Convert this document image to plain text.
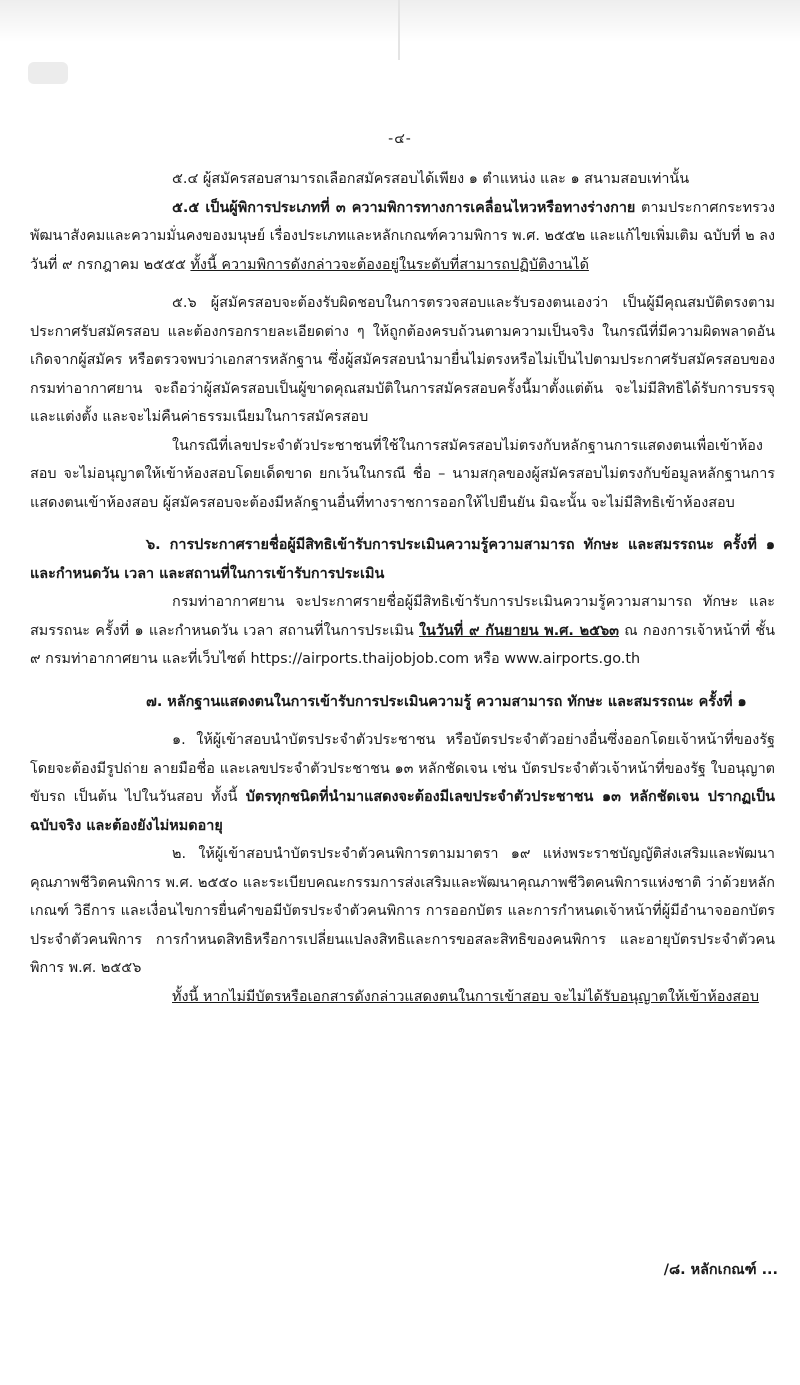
-๔-

๕.๔ ผู้สมัครสอบสามารถเลือกสมัครสอบได้เพียง ๑ ตำแหน่ง และ ๑ สนามสอบเท่านั้น

๕.๕ เป็นผู้พิการประเภทที่ ๓ ความพิการทางการเคลื่อนไหวหรือทางร่างกาย ตามประกาศกระทรวงพัฒนาสังคมและความมั่นคงของมนุษย์ เรื่องประเภทและหลักเกณฑ์ความพิการ พ.ศ. ๒๕๕๒ และแก้ไขเพิ่มเติม ฉบับที่ ๒ ลงวันที่ ๙ กรกฎาคม ๒๕๕๕ ทั้งนี้ ความพิการดังกล่าวจะต้องอยู่ในระดับที่สามารถปฏิบัติงานได้

๕.๖ ผู้สมัครสอบจะต้องรับผิดชอบในการตรวจสอบและรับรองตนเองว่า เป็นผู้มีคุณสมบัติตรงตามประกาศรับสมัครสอบ และต้องกรอกรายละเอียดต่าง ๆ ให้ถูกต้องครบถ้วนตามความเป็นจริง ในกรณีที่มีความผิดพลาดอันเกิดจากผู้สมัคร หรือตรวจพบว่าเอกสารหลักฐาน ซึ่งผู้สมัครสอบนำมายื่นไม่ตรงหรือไม่เป็นไปตามประกาศรับสมัครสอบของกรมท่าอากาศยาน จะถือว่าผู้สมัครสอบเป็นผู้ขาดคุณสมบัติในการสมัครสอบครั้งนี้มาตั้งแต่ต้น จะไม่มีสิทธิได้รับการบรรจุและแต่งตั้ง และจะไม่คืนค่าธรรมเนียมในการสมัครสอบ

ในกรณีที่เลขประจำตัวประชาชนที่ใช้ในการสมัครสอบไม่ตรงกับหลักฐานการแสดงตนเพื่อเข้าห้องสอบ จะไม่อนุญาตให้เข้าห้องสอบโดยเด็ดขาด ยกเว้นในกรณี ชื่อ – นามสกุลของผู้สมัครสอบไม่ตรงกับข้อมูลหลักฐานการแสดงตนเข้าห้องสอบ ผู้สมัครสอบจะต้องมีหลักฐานอื่นที่ทางราชการออกให้ไปยืนยัน มิฉะนั้น จะไม่มีสิทธิเข้าห้องสอบ

๖. การประกาศรายชื่อผู้มีสิทธิเข้ารับการประเมินความรู้ความสามารถ ทักษะ และสมรรถนะ ครั้งที่ ๑ และกำหนดวัน เวลา และสถานที่ในการเข้ารับการประเมิน

กรมท่าอากาศยาน จะประกาศรายชื่อผู้มีสิทธิเข้ารับการประเมินความรู้ความสามารถ ทักษะ และสมรรถนะ ครั้งที่ ๑ และกำหนดวัน เวลา สถานที่ในการประเมิน ในวันที่ ๙ กันยายน พ.ศ. ๒๕๖๓ ณ กองการเจ้าหน้าที่ ชั้น ๙ กรมท่าอากาศยาน และที่เว็บไซต์ https://airports.thaijobjob.com หรือ www.airports.go.th

๗. หลักฐานแสดงตนในการเข้ารับการประเมินความรู้ ความสามารถ ทักษะ และสมรรถนะ ครั้งที่ ๑

๑. ให้ผู้เข้าสอบนำบัตรประจำตัวประชาชน หรือบัตรประจำตัวอย่างอื่นซึ่งออกโดยเจ้าหน้าที่ของรัฐ โดยจะต้องมีรูปถ่าย ลายมือชื่อ และเลขประจำตัวประชาชน ๑๓ หลักชัดเจน เช่น บัตรประจำตัวเจ้าหน้าที่ของรัฐ ใบอนุญาตขับรถ เป็นต้น ไปในวันสอบ ทั้งนี้ บัตรทุกชนิดที่นำมาแสดงจะต้องมีเลขประจำตัวประชาชน ๑๓ หลักชัดเจน ปรากฏเป็นฉบับจริง และต้องยังไม่หมดอายุ

๒. ให้ผู้เข้าสอบนำบัตรประจำตัวคนพิการตามมาตรา ๑๙ แห่งพระราชบัญญัติส่งเสริมและพัฒนาคุณภาพชีวิตคนพิการ พ.ศ. ๒๕๕๐ และระเบียบคณะกรรมการส่งเสริมและพัฒนาคุณภาพชีวิตคนพิการแห่งชาติ ว่าด้วยหลักเกณฑ์ วิธีการ และเงื่อนไขการยื่นคำขอมีบัตรประจำตัวคนพิการ การออกบัตร และการกำหนดเจ้าหน้าที่ผู้มีอำนาจออกบัตรประจำตัวคนพิการ การกำหนดสิทธิหรือการเปลี่ยนแปลงสิทธิและการขอสละสิทธิของคนพิการ และอายุบัตรประจำตัวคนพิการ พ.ศ. ๒๕๕๖

ทั้งนี้ หากไม่มีบัตรหรือเอกสารดังกล่าวแสดงตนในการเข้าสอบ จะไม่ได้รับอนุญาตให้เข้าห้องสอบ

/๘. หลักเกณฑ์ ...
